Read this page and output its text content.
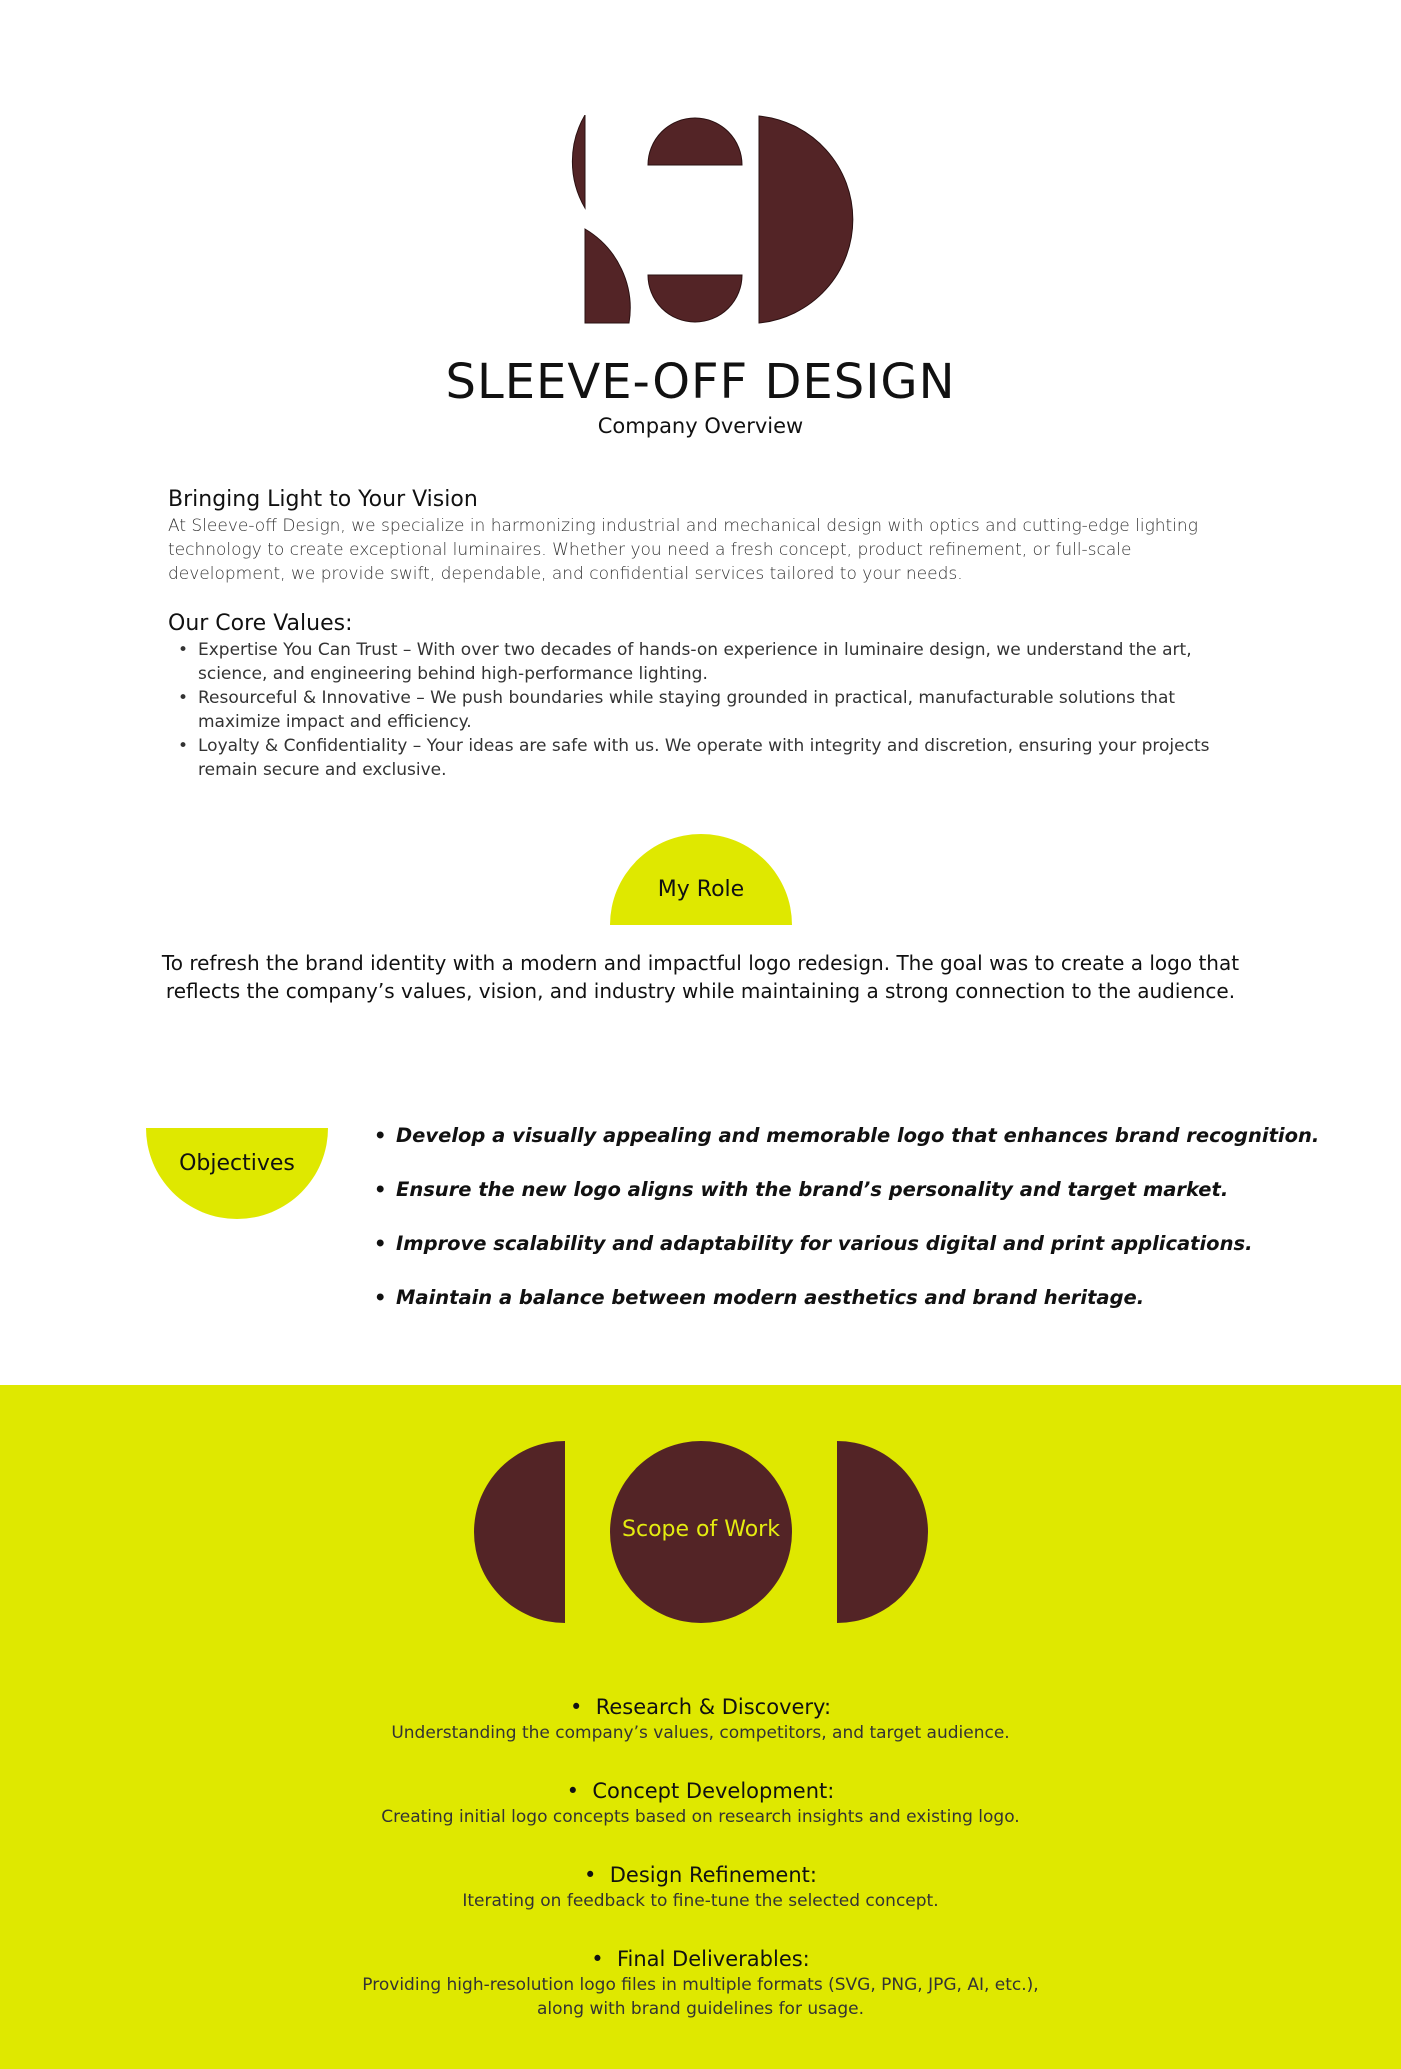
SLEEVE-OFF DESIGN
Company Overview
Bringing Light to Your Vision
At Sleeve-off Design, we specialize in harmonizing industrial and mechanical design with optics and cutting-edge lighting technology to create exceptional luminaires. Whether you need a fresh concept, product refinement, or full-scale development, we provide swift, dependable, and confidential services tailored to your needs.
Our Core Values:
• Expertise You Can Trust – With over two decades of hands-on experience in luminaire design, we understand the art, science, and engineering behind high-performance lighting.
• Resourceful & Innovative – We push boundaries while staying grounded in practical, manufacturable solutions that maximize impact and efficiency.
• Loyalty & Confidentiality – Your ideas are safe with us. We operate with integrity and discretion, ensuring your projects remain secure and exclusive.
My Role
To refresh the brand identity with a modern and impactful logo redesign. The goal was to create a logo that reflects the company’s values, vision, and industry while maintaining a strong connection to the audience.
Objectives
• Develop a visually appealing and memorable logo that enhances brand recognition.
• Ensure the new logo aligns with the brand’s personality and target market.
• Improve scalability and adaptability for various digital and print applications.
• Maintain a balance between modern aesthetics and brand heritage.
Scope of Work
•  Research & Discovery:
Understanding the company’s values, competitors, and target audience.
•  Concept Development:
Creating initial logo concepts based on research insights and existing logo.
•  Design Refinement:
Iterating on feedback to fine-tune the selected concept.
•  Final Deliverables:
Providing high-resolution logo files in multiple formats (SVG, PNG, JPG, AI, etc.),
along with brand guidelines for usage.
